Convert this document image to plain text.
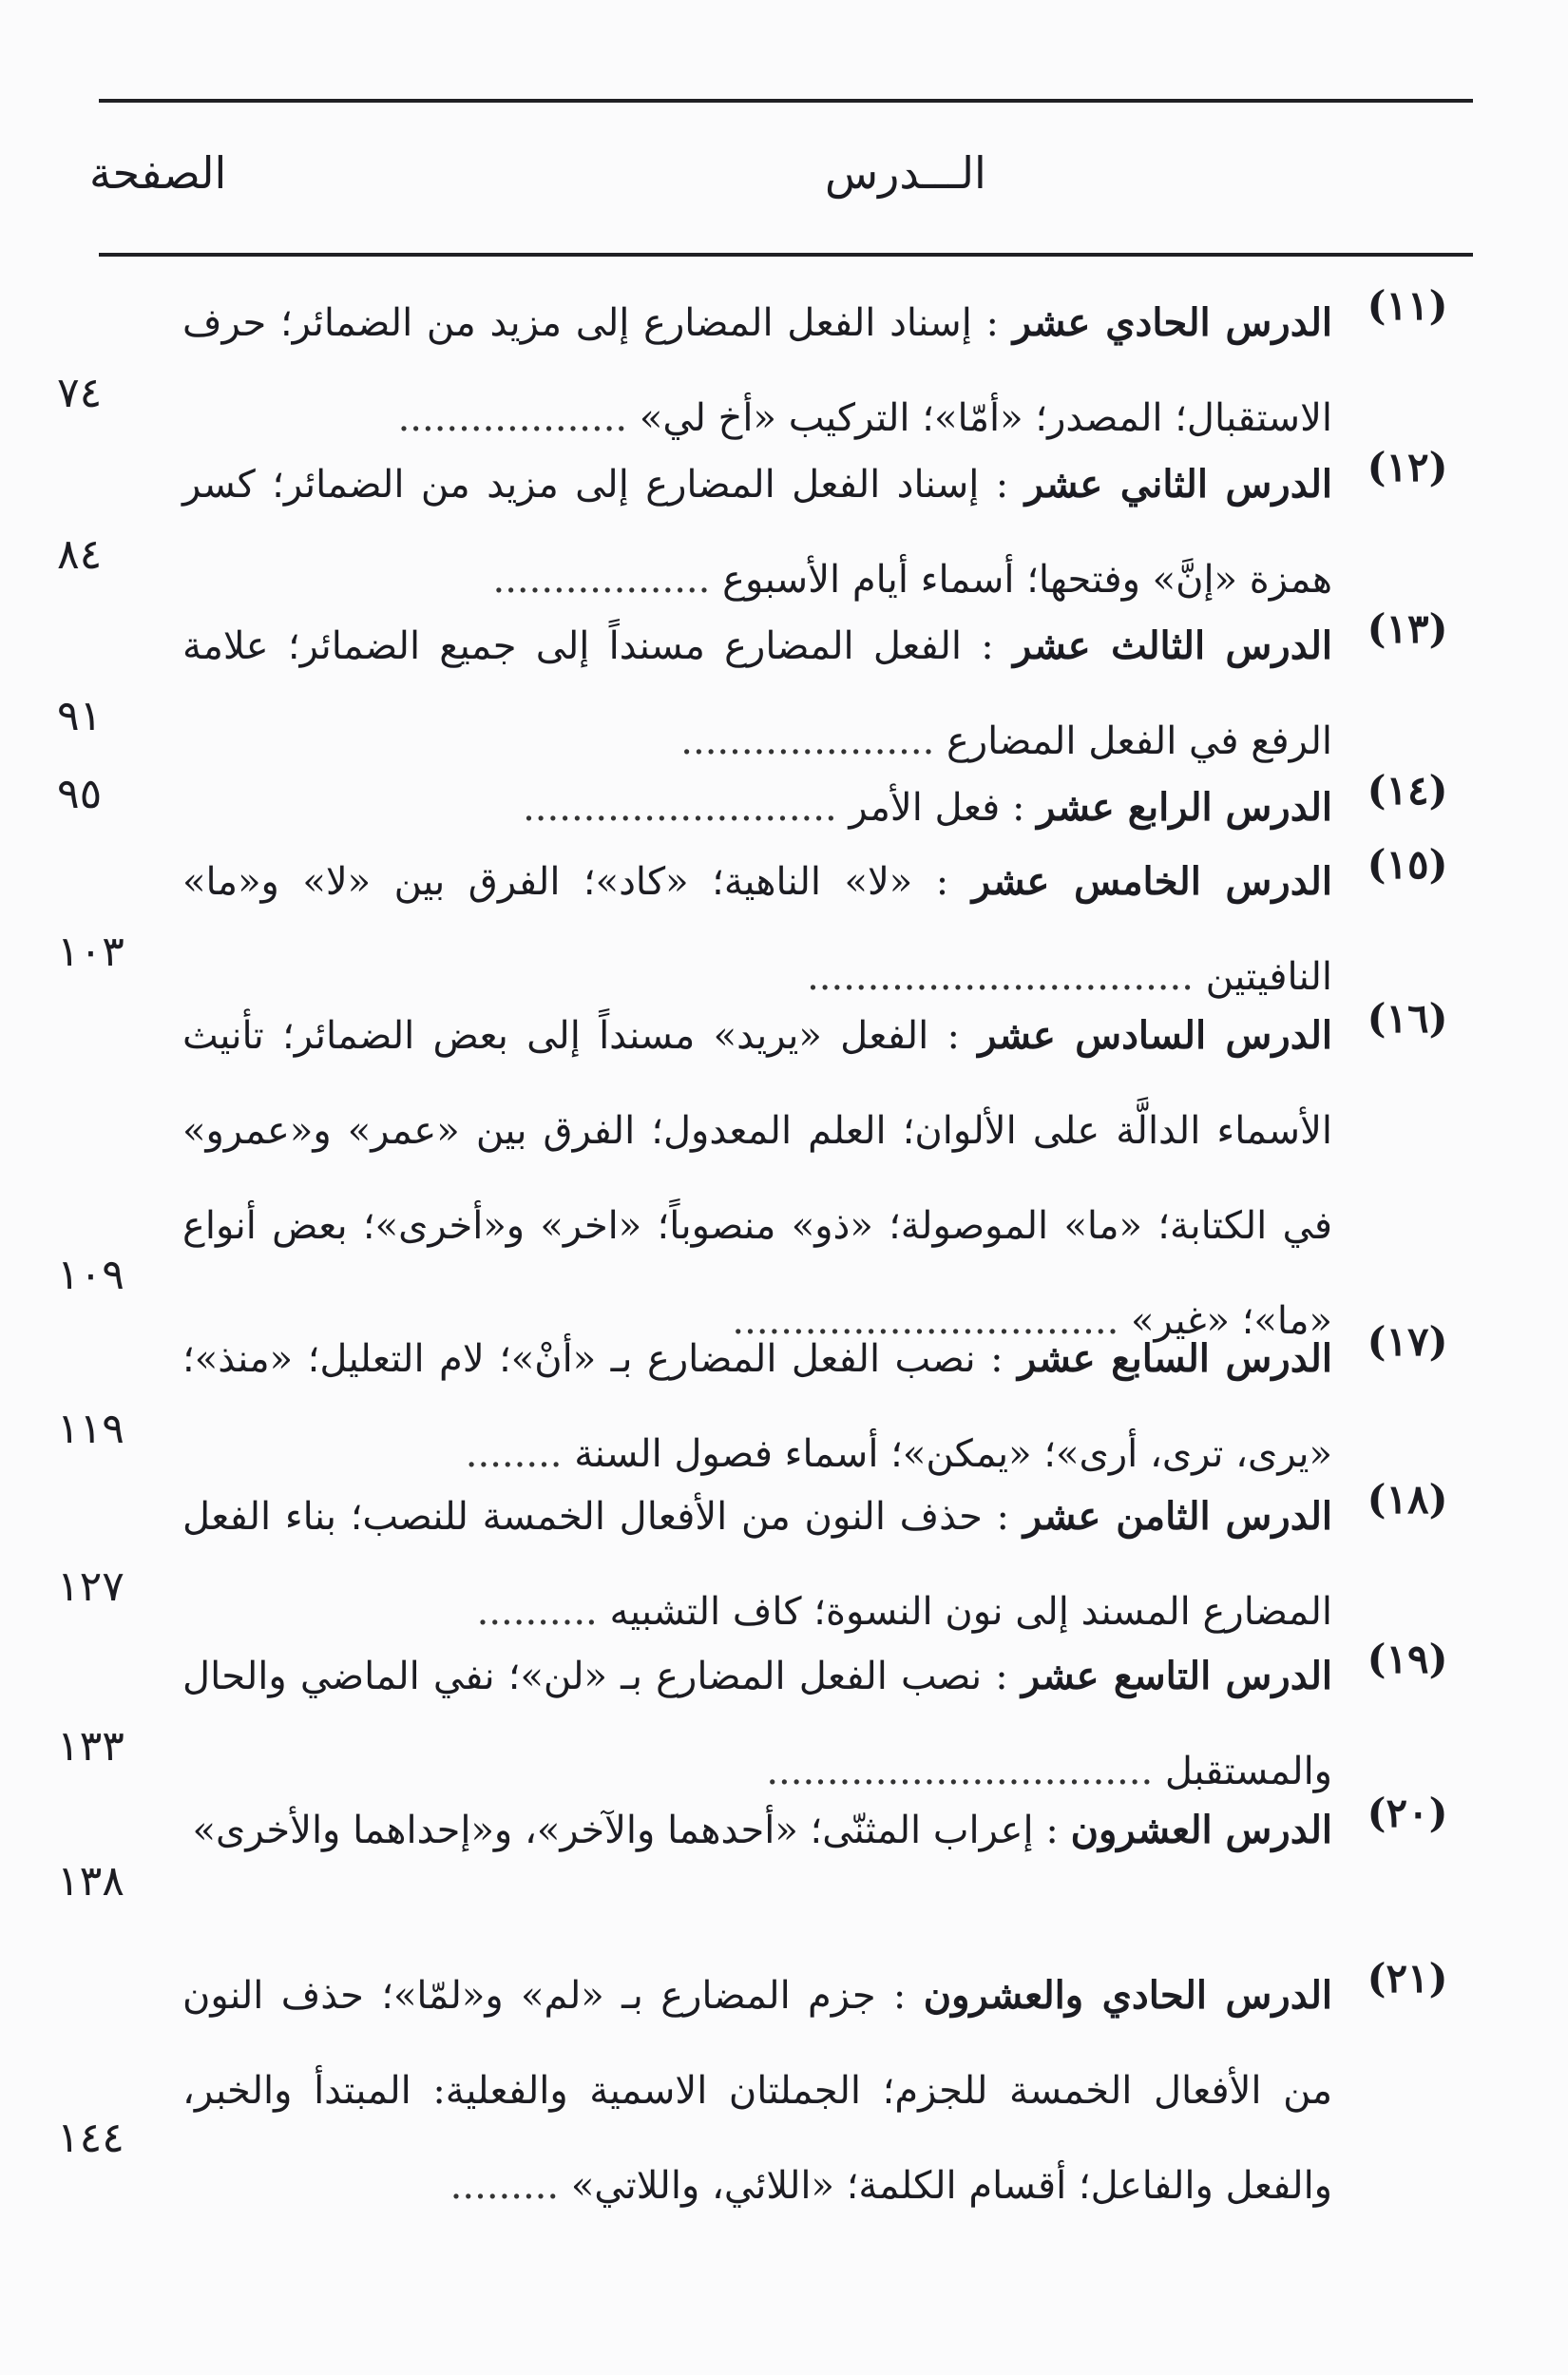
الـــدرس
الصفحة
(١١)
الدرس الحادي عشر : إسناد الفعل المضارع إلى مزيد من الضمائر؛ حرف الاستقبال؛ المصدر؛ «أمّا»؛ التركيب «أخ لي» ...................
٧٤
(١٢)
الدرس الثاني عشر : إسناد الفعل المضارع إلى مزيد من الضمائر؛ كسر همزة «إنَّ» وفتحها؛ أسماء أيام الأسبوع ..................
٨٤
(١٣)
الدرس الثالث عشر : الفعل المضارع مسنداً إلى جميع الضمائر؛ علامة الرفع في الفعل المضارع .....................
٩١
(١٤)
الدرس الرابع عشر : فعل الأمر ..........................
٩٥
(١٥)
الدرس الخامس عشر : «لا» الناهية؛ «كاد»؛ الفرق بين «لا» و«ما» النافيتين ................................
١٠٣
(١٦)
الدرس السادس عشر : الفعل «يريد» مسنداً إلى بعض الضمائر؛ تأنيث الأسماء الدالَّة على الألوان؛ العلم المعدول؛ الفرق بين «عمر» و«عمرو» في الكتابة؛ «ما» الموصولة؛ «ذو» منصوباً؛ «اخر» و«أخرى»؛ بعض أنواع «ما»؛ «غير» ................................
١٠٩
(١٧)
الدرس السابع عشر : نصب الفعل المضارع بـ «أنْ»؛ لام التعليل؛ «منذ»؛ «يرى، ترى، أرى»؛ «يمكن»؛ أسماء فصول السنة ........
١١٩
(١٨)
الدرس الثامن عشر : حذف النون من الأفعال الخمسة للنصب؛ بناء الفعل المضارع المسند إلى نون النسوة؛ كاف التشبيه ..........
١٢٧
(١٩)
الدرس التاسع عشر : نصب الفعل المضارع بـ «لن»؛ نفي الماضي والحال والمستقبل ................................
١٣٣
(٢٠)
الدرس العشرون : إعراب المثنّى؛ «أحدهما والآخر»، و«إحداهما والأخرى»
١٣٨
(٢١)
الدرس الحادي والعشرون : جزم المضارع بـ «لم» و«لمّا»؛ حذف النون من الأفعال الخمسة للجزم؛ الجملتان الاسمية والفعلية: المبتدأ والخبر، والفعل والفاعل؛ أقسام الكلمة؛ «اللائي، واللاتي» .........
١٤٤
